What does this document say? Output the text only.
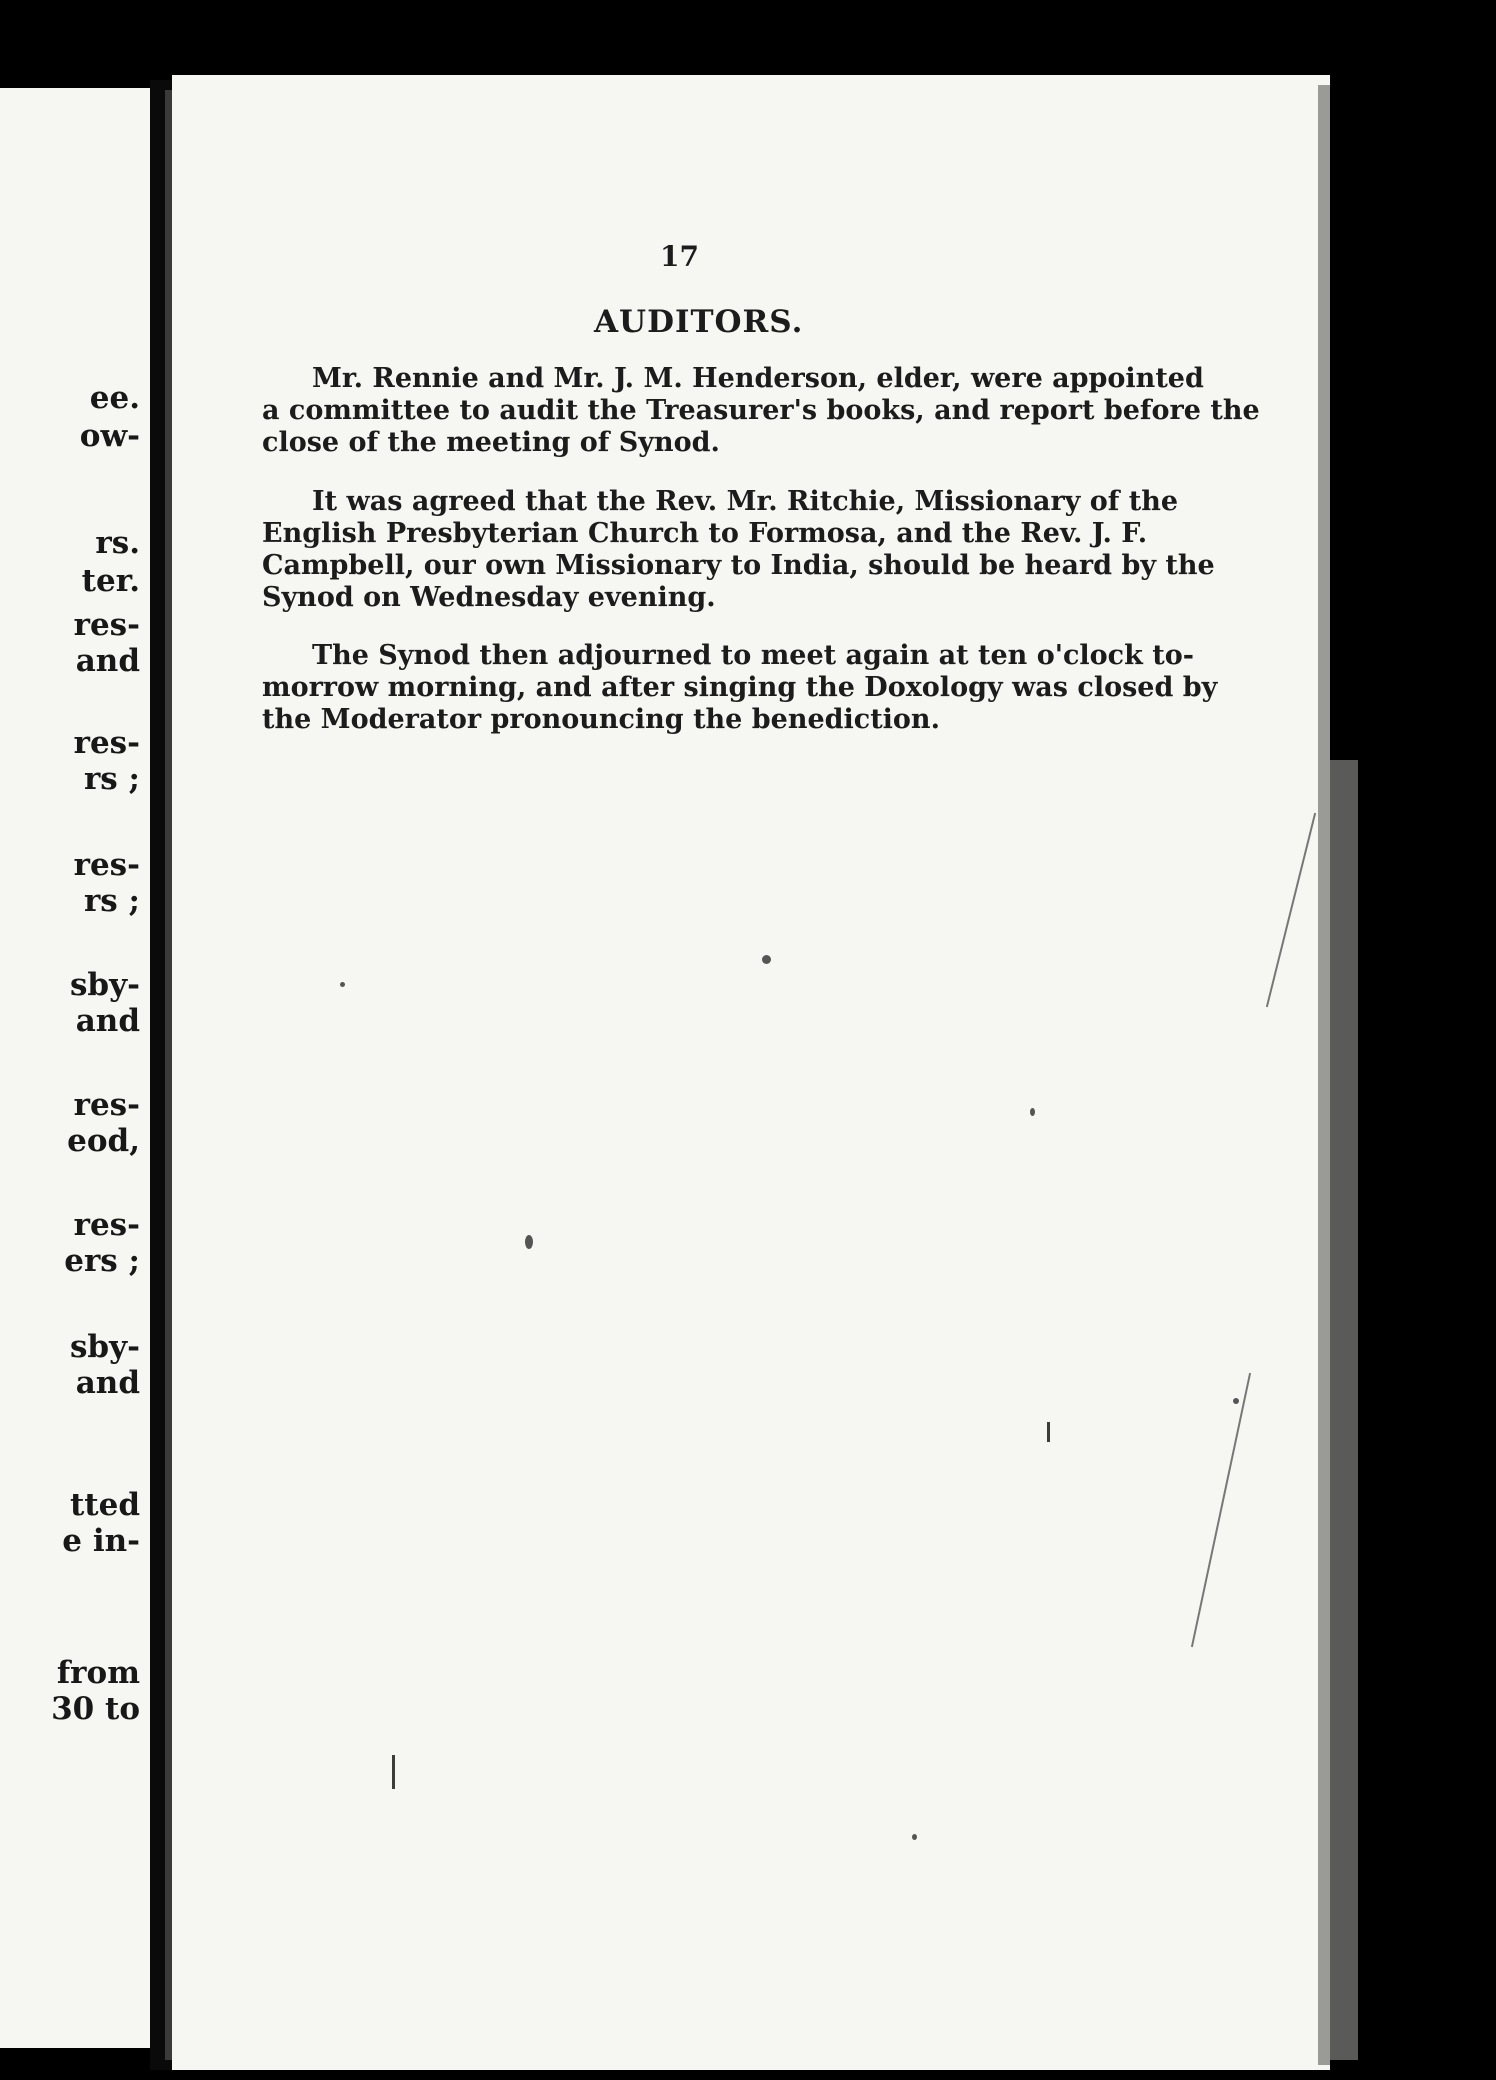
ee.
ow-
rs.
ter.
res-
and
res-
rs ;
res-
rs ;
sby-
and
res-
eod,
res-
ers ;
sby-
and
tted
e in-
from
30 to
17
AUDITORS.
Mr. Rennie and Mr. J. M. Henderson, elder, were appointed
a committee to audit the Treasurer's books, and report before the
close of the meeting of Synod.
It was agreed that the Rev. Mr. Ritchie, Missionary of the
English Presbyterian Church to Formosa, and the Rev. J. F.
Campbell, our own Missionary to India, should be heard by the
Synod on Wednesday evening.
The Synod then adjourned to meet again at ten o'clock to-
morrow morning, and after singing the Doxology was closed by
the Moderator pronouncing the benediction.
